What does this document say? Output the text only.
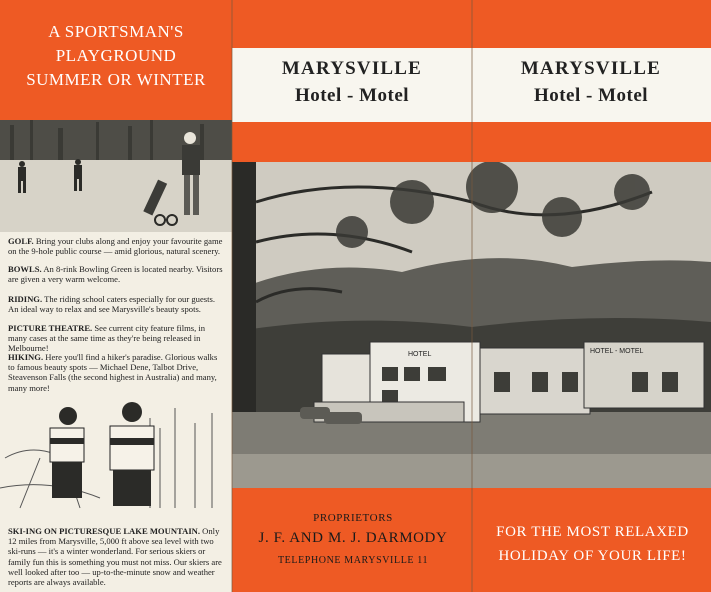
A SPORTSMAN'S
PLAYGROUND
SUMMER OR WINTER
GOLF. Bring your clubs along and enjoy your favourite game on the 9-hole public course — amid glorious, natural scenery.
BOWLS. An 8-rink Bowling Green is located nearby. Visitors are given a very warm welcome.
RIDING. The riding school caters especially for our guests. An ideal way to relax and see Marysville's beauty spots.
PICTURE THEATRE. See current city feature films, in many cases at the same time as they're being released in Melbourne!
HIKING. Here you'll find a hiker's paradise. Glorious walks to famous beauty spots — Michael Dene, Talbot Drive, Steavenson Falls (the second highest in Australia) and many, many more!
SKI-ING ON PICTURESQUE LAKE MOUNTAIN. Only 12 miles from Marysville, 5,000 ft above sea level with two ski-runs — it's a winter wonderland. For serious skiers or family fun this is something you must not miss. Our skiers are well looked after too — up-to-the-minute snow and weather reports are always available.
MARYSVILLE
Hotel - Motel
MARYSVILLE
Hotel - Motel
HOTEL	HOTEL - MOTEL
PROPRIETORS
J. F. AND M. J. DARMODY
TELEPHONE MARYSVILLE 11
FOR THE MOST RELAXED
HOLIDAY OF YOUR LIFE!
